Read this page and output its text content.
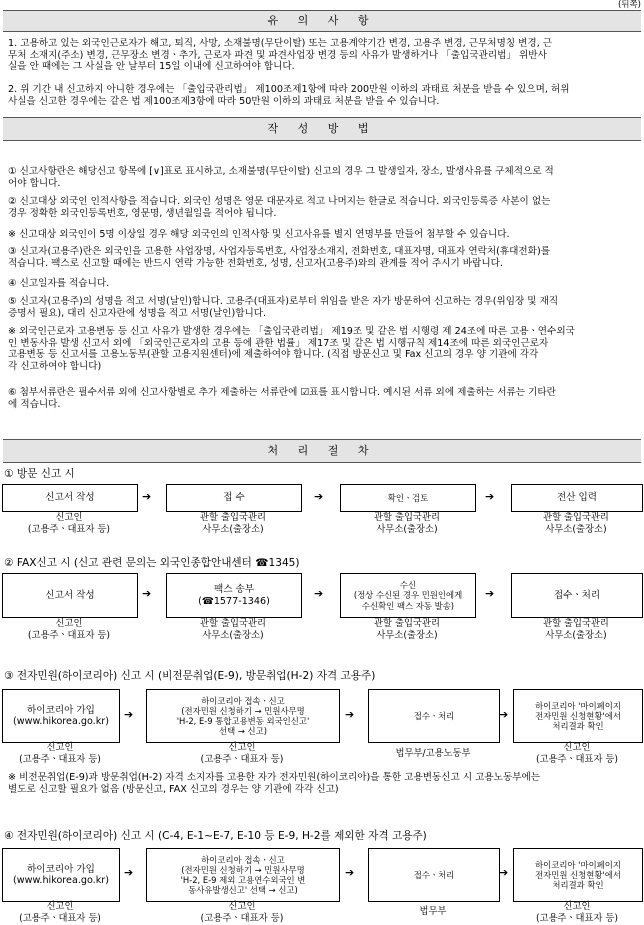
(뒤쪽)
유 의 사 항
1. 고용하고 있는 외국인근로자가 해고, 퇴직, 사망, 소재불명(무단이탈) 또는 고용계약기간 변경, 고용주 변경, 근무처명칭 변경, 근
무처 소재지(주소) 변경, 근무장소 변경ㆍ추가, 근로자 파견 및 파견사업장 변경 등의 사유가 발생하거나 「출입국관리법」 위반사
실을 안 때에는 그 사실을 안 날부터 15일 이내에 신고하여야 합니다.
2. 위 기간 내 신고하지 아니한 경우에는 「출입국관리법」 제100조제1항에 따라 200만원 이하의 과태료 처분을 받을 수 있으며, 허위
사실을 신고한 경우에는 같은 법 제100조제3항에 따라 50만원 이하의 과태료 처분을 받을 수 있습니다.
작 성 방 법
① 신고사항란은 해당신고 항목에 [∨]표로 표시하고, 소재불명(무단이탈) 신고의 경우 그 발생일자, 장소, 발생사유를 구체적으로 적
어야 합니다.
② 신고대상 외국인 인적사항을 적습니다. 외국인 성명은 영문 대문자로 적고 나머지는 한글로 적습니다. 외국인등록증 사본이 없는
경우 정확한 외국인등록번호, 영문명, 생년월일을 적어야 됩니다.
※ 신고대상 외국인이 5명 이상일 경우 해당 외국인의 인적사항 및 신고사유를 별지 연명부를 만들어 첨부할 수 있습니다.
③ 신고자(고용주)란은 외국인을 고용한 사업장명, 사업자등록번호, 사업장소재지, 전화번호, 대표자명, 대표자 연락처(휴대전화)를
적습니다. 팩스로 신고할 때에는 반드시 연락 가능한 전화번호, 성명, 신고자(고용주)와의 관계를 적어 주시기 바랍니다.
④ 신고일자를 적습니다.
⑤ 신고자(고용주)의 성명을 적고 서명(날인)합니다. 고용주(대표자)로부터 위임을 받은 자가 방문하여 신고하는 경우(위임장 및 재직
증명서 필요), 대리 신고자란에 성명을 적고 서명(날인)합니다.
※ 외국인근로자 고용변동 등 신고 사유가 발생한 경우에는 「출입국관리법」 제19조 및 같은 법 시행령 제 24조에 따른 고용ㆍ연수외국
인 변동사유 발생 신고서 외에 「외국인근로자의 고용 등에 관한 법률」 제17조 및 같은 법 시행규칙 제14조에 따른 외국인근로자
고용변동 등 신고서를 고용노동부(관할 고용지원센터)에 제출하여야 합니다. (직접 방문신고 및 Fax 신고의 경우 양 기관에 각각
각 신고하여야 합니다)
⑥ 첨부서류란은 필수서류 외에 신고사항별로 추가 제출하는 서류란에 ☑표를 표시합니다. 예시된 서류 외에 제출하는 서류는 기타란
에 적습니다.
처 리 절 차
① 방문 신고 시
신고서 작성	접 수	확인ㆍ검토	전산 입력
➔	➔	➔
신고인
(고용주ㆍ대표자 등)
관할 출입국관리
사무소(출장소)
관할 출입국관리
사무소(출장소)
관할 출입국관리
사무소(출장소)
② FAX신고 시 (신고 관련 문의는 외국인종합안내센터 ☎1345)
신고서 작성
팩스 송부
(☎1577-1346)
수신
(정상 수신된 경우 민원인에게
수신확인 팩스 자동 발송)
접수ㆍ처리
➔	➔	➔
신고인
(고용주ㆍ대표자 등)
관할 출입국관리
사무소(출장소)
관할 출입국관리
사무소(출장소)
관할 출입국관리
사무소(출장소)
③ 전자민원(하이코리아) 신고 시 (비전문취업(E-9), 방문취업(H-2) 자격 고용주)
하이코리아 가입
(www.hikorea.go.kr)
하이코리아 접속ㆍ신고
(전자민원 신청하기 → 민원사무명
'H-2, E-9 통합고용변동 외국인신고'
선택 → 신고)
접수ㆍ처리
하이코리아 '마이페이지
전자민원 신청현황'에서
처리결과 확인
➔	➔	➔
신고인
(고용주ㆍ대표자 등)
신고인
(고용주ㆍ대표자 등)	법무부/고용노동부
신고인
(고용주ㆍ대표자 등)
※ 비전문취업(E-9)과 방문취업(H-2) 자격 소지자를 고용한 자가 전자민원(하이코리아)을 통한 고용변동신고 시 고용노동부에는
별도로 신고할 필요가 없음 (방문신고, FAX 신고의 경우는 양 기관에 각각 신고)
④ 전자민원(하이코리아) 신고 시 (C-4, E-1~E-7, E-10 등 E-9, H-2를 제외한 자격 고용주)
하이코리아 가입
(www.hikorea.go.kr)
하이코리아 접속ㆍ신고
(전자민원 신청하기 → 민원사무명
'H-2, E-9 제외 고용연수외국인 변
동사유발생신고' 선택 → 신고)
접수ㆍ처리
하이코리아 '마이페이지
전자민원 신청현황'에서
처리결과 확인
➔	➔	➔
신고인
(고용주ㆍ대표자 등)
신고인
(고용주ㆍ대표자 등)
법무부	신고인
(고용주ㆍ대표자 등)
